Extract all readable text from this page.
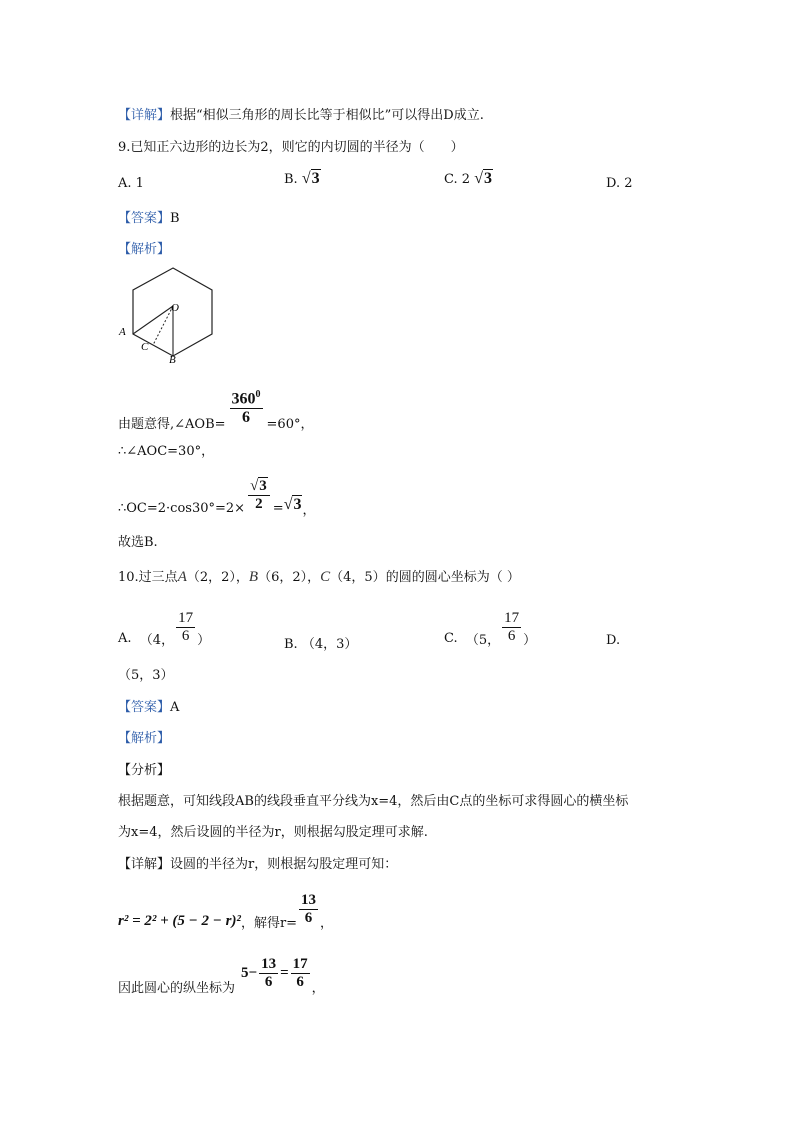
【详解】根据“相似三角形的周长比等于相似比”可以得出D成立.
9.已知正六边形的边长为2，则它的内切圆的半径为（　　）
A. 1	B. √3	C. 2 √3	D. 2
【答案】B
【解析】
O
A
C
B
由题意得,∠AOB= $\frac{360^0}{6} =60^\circ$，
∴∠AOC=30°，
∴OC=2·cos30°=2× $\frac{√3}{2} = √3$ ，
故选B.
10.过三点A（2，2），B（6，2），C（4，5）的圆的圆心坐标为（ ）
A.
（4， $\frac{17}{6}$ ）	B. （4，3）	C.
（5， $\frac{17}{6}$ ）	D.
（5，3）
【答案】A
【解析】
【分析】
根据题意，可知线段AB的线段垂直平分线为x=4，然后由C点的坐标可求得圆心的横坐标
为x=4，然后设圆的半径为r，则根据勾股定理可求解.
【详解】设圆的半径为r，则根据勾股定理可知：
r² = 2² + (5 − 2 − r)² ，解得$r= \frac{13}{6}$ ，
因此圆心的纵坐标为
$5- \frac{13}{6} = \frac{17}{6}$ ，
